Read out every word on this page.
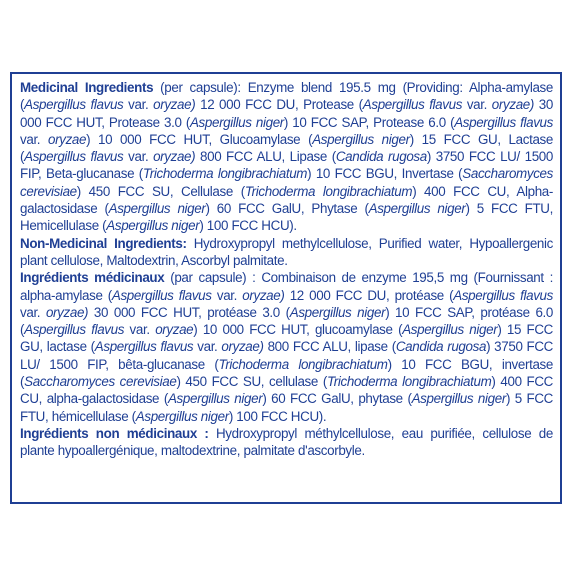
Medicinal Ingredients (per capsule): Enzyme blend 195.5 mg (Providing: Alpha-amylase (Aspergillus flavus var. oryzae) 12 000 FCC DU, Protease (Aspergillus flavus var. oryzae) 30 000 FCC HUT, Protease 3.0 (Aspergillus niger) 10 FCC SAP, Protease 6.0 (Aspergillus flavus var. oryzae) 10 000 FCC HUT, Glucoamylase (Aspergillus niger) 15 FCC GU, Lactase (Aspergillus flavus var. oryzae) 800 FCC ALU, Lipase (Candida rugosa) 3750 FCC LU/ 1500 FIP, Beta-glucanase (Trichoderma longibrachiatum) 10 FCC BGU, Invertase (Saccharomyces cerevisiae) 450 FCC SU, Cellulase (Trichoderma longibrachiatum) 400 FCC CU, Alpha-galactosidase (Aspergillus niger) 60 FCC GalU, Phytase (Aspergillus niger) 5 FCC FTU, Hemicellulase (Aspergillus niger) 100 FCC HCU).

Non-Medicinal Ingredients: Hydroxypropyl methylcellulose, Purified water, Hypoallergenic plant cellulose, Maltodextrin, Ascorbyl palmitate.

Ingrédients médicinaux (par capsule) : Combinaison de enzyme 195,5 mg (Fournissant : alpha-amylase (Aspergillus flavus var. oryzae) 12 000 FCC DU, protéase (Aspergillus flavus var. oryzae) 30 000 FCC HUT, protéase 3.0 (Aspergillus niger) 10 FCC SAP, protéase 6.0 (Aspergillus flavus var. oryzae) 10 000 FCC HUT, glucoamylase (Aspergillus niger) 15 FCC GU, lactase (Aspergillus flavus var. oryzae) 800 FCC ALU, lipase (Candida rugosa) 3750 FCC LU/ 1500 FIP, bêta-glucanase (Trichoderma longibrachiatum) 10 FCC BGU, invertase (Saccharomyces cerevisiae) 450 FCC SU, cellulase (Trichoderma longibrachiatum) 400 FCC CU, alpha-galactosidase (Aspergillus niger) 60 FCC GalU, phytase (Aspergillus niger) 5 FCC FTU, hémicellulase (Aspergillus niger) 100 FCC HCU).

Ingrédients non médicinaux : Hydroxypropyl méthylcellulose, eau purifiée, cellulose de plante hypoallergénique, maltodextrine, palmitate d'ascorbyle.
